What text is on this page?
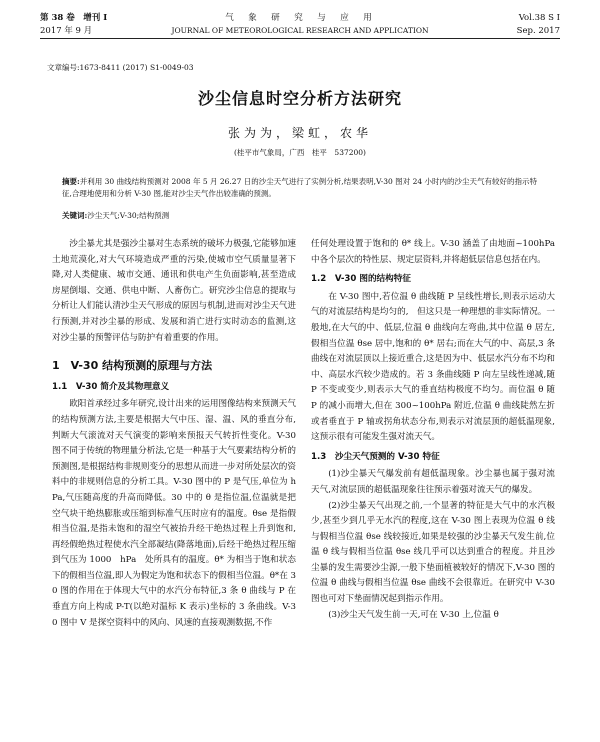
第 38 卷　增刊 I
2017 年 9 月
气　象　研　究　与　应　用
JOURNAL OF METEOROLOGICAL RESEARCH AND APPLICATION
Vol.38 S I
Sep. 2017
文章编号:1673-8411 (2017) S1-0049-03
沙尘信息时空分析方法研究
张为为，梁虹，农华
(桂平市气象局，广西　桂平　537200)
摘要:并利用 30 曲线结构预测对 2008 年 5 月 26.27 日的沙尘天气进行了实例分析,结果表明,V-30 图对 24 小时内的沙尘天气有较好的指示特征,合理地使用和分析 V-30 图,能对沙尘天气作出较准确的预测。
关键词:沙尘天气;V-30;结构预测

沙尘暴尤其是强沙尘暴对生态系统的破坏力极强,它能够加速土地荒漠化,对大气环境造成严重的污染,使城市空气质量显著下降,对人类健康、城市交通、通讯和供电产生负面影响,甚至造成房屋倒塌、交通、供电中断、人畜伤亡。研究沙尘信息的提取与分析让人们能认清沙尘天气形成的原因与机制,进而对沙尘天气进行预测,并对沙尘暴的形成、发展和消亡进行实时动态的监测,这对沙尘暴的预警评估与防护有着重要的作用。

1　V-30 结构预测的原理与方法
1.1　V-30 简介及其物理意义

欧阳首承经过多年研究,设计出来的运用图像结构来预测天气的结构预测方法,主要是根据大气中压、湿、温、风的垂直分布,判断大气滚流对天气演变的影响来预报天气转折性变化。V-30 图不同于传统的物理量分析法,它是一种基于大气要素结构分析的预测图,是根据结构非规则变分的思想从而进一步对所处层次的资料中的非规则信息的分析工具。V-30 图中的 P 是气压,单位为 hPa,气压随高度的升高而降低。30 中的 θ 是指位温,位温就是把空气块干绝热膨胀或压缩到标准气压时应有的温度。θse 是指假相当位温,是指未饱和的湿空气被抬升经干绝热过程上升到饱和,再经假绝热过程使水汽全部凝结(降落地面),后经干绝热过程压缩到气压为 1000　hPa　处所具有的温度。θ* 为相当于饱和状态下的假相当位温,即人为假定为饱和状态下的假相当位温。θ*在 30 图的作用在于体现大气中的水汽分布特征,3 条 θ 曲线与 P 在垂直方向上构成 P-T(以绝对温标 K 表示)坐标的 3 条曲线。V-30 图中 V 是探空资料中的风向、风速的直接观测数据,不作

任何处理设置于饱和的 θ* 线上。V-30 涵盖了由地面~100hPa 中各个层次的特性层、规定层资料,并将超低层信息包括在内。

1.2　V-30 图的结构特征

在 V-30 图中,若位温 θ 曲线随 P 呈线性增长,则表示运动大气的对流层结构是均匀的,　但这只是一种理想的非实际情况。一般地,在大气的中、低层,位温 θ 曲线向左弯曲,其中位温 θ 居左,假相当位温 θse 居中,饱和的 θ* 居右;而在大气的中、高层,3 条曲线在对流层顶以上接近重合,这是因为中、低层水汽分布不均和中、高层水汽较少造成的。若 3 条曲线随 P 向左呈线性递减,随 P 不变或变少,则表示大气的垂直结构极度不均匀。而位温 θ 随 P 的减小而增大,但在 300~100hPa 附近,位温 θ 曲线陡然左折或者垂直于 P 轴或拐角状态分布,则表示对流层顶的超低温现象,这预示很有可能发生强对流天气。

1.3　沙尘天气预测的 V-30 特征

(1)沙尘暴天气爆发前有超低温现象。沙尘暴也属于强对流天气,对流层顶的超低温现象往往预示着强对流天气的爆发。

(2)沙尘暴天气出现之前,一个显著的特征是大气中的水汽极少,甚至少到几乎无水汽的程度,这在 V-30 图上表现为位温 θ 线与假相当位温 θse 线较接近,如果是较强的沙尘暴天气发生前,位温 θ 线与假相当位温 θse 线几乎可以达到重合的程度。并且沙尘暴的发生需要沙尘源,一般下垫面植被较好的情况下,V-30 图的位温 θ 曲线与假相当位温 θse 曲线不会很靠近。在研究中 V-30 图也可对下垫面情况起到指示作用。

(3)沙尘天气发生前一天,可在 V-30 上,位温 θ
